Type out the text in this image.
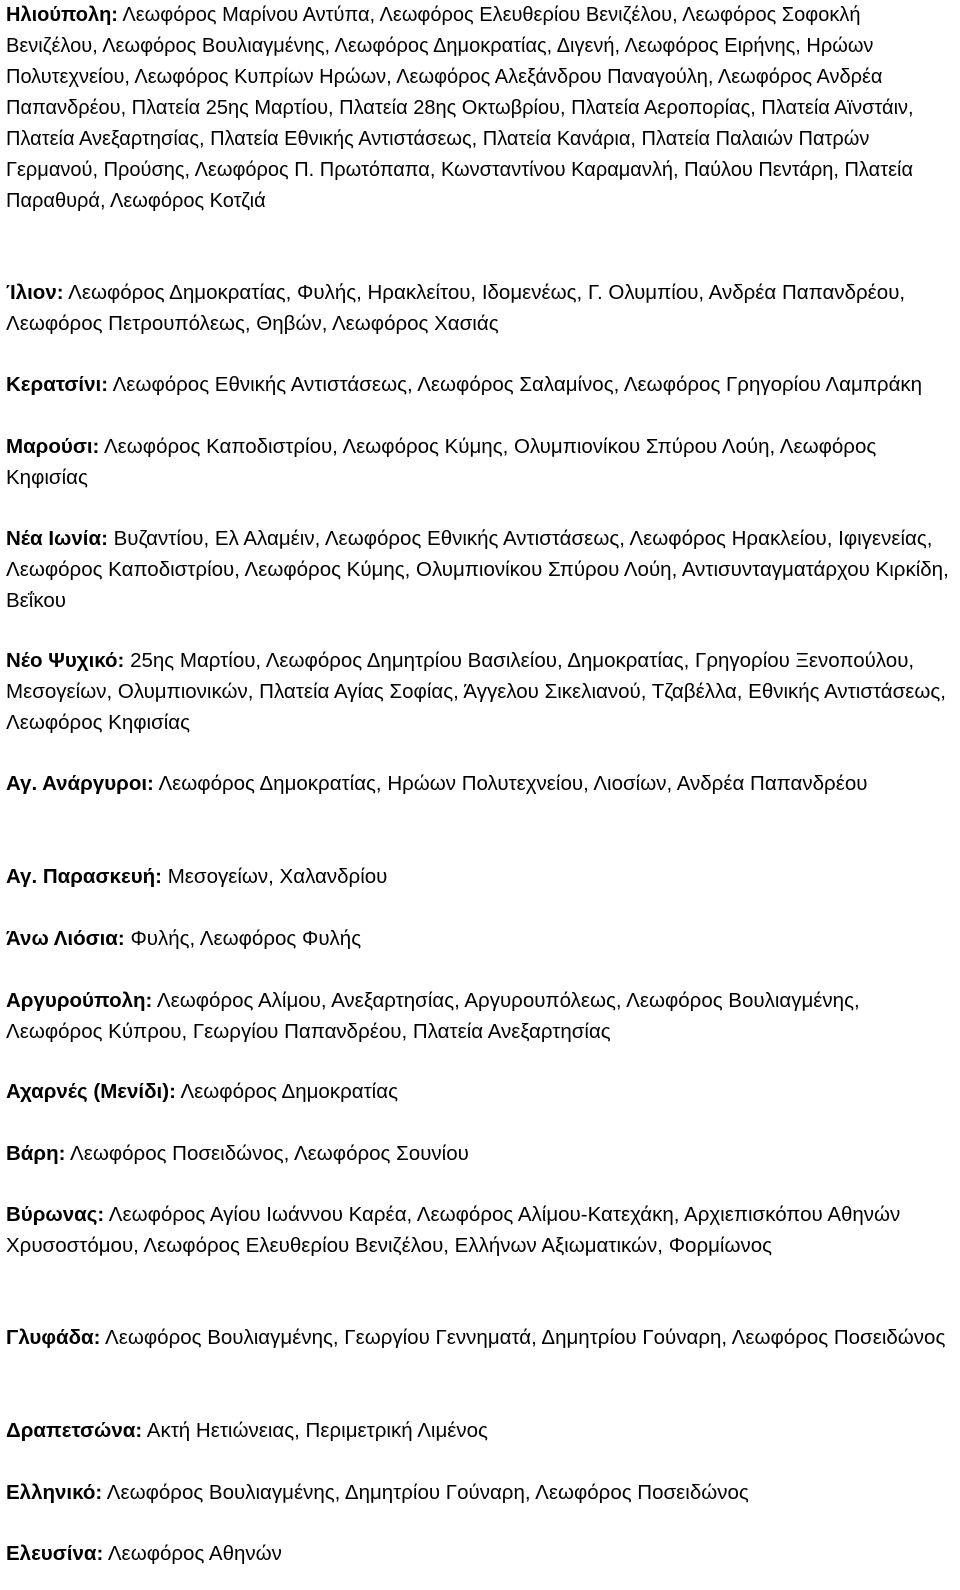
Ηλιούπολη: Λεωφόρος Μαρίνου Αντύπα, Λεωφόρος Ελευθερίου Βενιζέλου, Λεωφόρος Σοφοκλή Βενιζέλου, Λεωφόρος Βουλιαγμένης, Λεωφόρος Δημοκρατίας, Διγενή, Λεωφόρος Ειρήνης, Ηρώων Πολυτεχνείου, Λεωφόρος Κυπρίων Ηρώων, Λεωφόρος Αλεξάνδρου Παναγούλη, Λεωφόρος Ανδρέα Παπανδρέου, Πλατεία 25ης Μαρτίου, Πλατεία 28ης Οκτωβρίου, Πλατεία Αεροπορίας, Πλατεία Αϊνστάιν, Πλατεία Ανεξαρτησίας, Πλατεία Εθνικής Αντιστάσεως, Πλατεία Κανάρια, Πλατεία Παλαιών Πατρών Γερμανού, Προύσης, Λεωφόρος Π. Πρωτόπαπα, Κωνσταντίνου Καραμανλή, Παύλου Πεντάρη, Πλατεία Παραθυρά, Λεωφόρος Κοτζιά

Ίλιον: Λεωφόρος Δημοκρατίας, Φυλής, Ηρακλείτου, Ιδομενέως, Γ. Ολυμπίου, Ανδρέα Παπανδρέου, Λεωφόρος Πετρουπόλεως, Θηβών, Λεωφόρος Χασιάς

Κερατσίνι: Λεωφόρος Εθνικής Αντιστάσεως, Λεωφόρος Σαλαμίνος, Λεωφόρος Γρηγορίου Λαμπράκη

Μαρούσι: Λεωφόρος Καποδιστρίου, Λεωφόρος Κύμης, Ολυμπιονίκου Σπύρου Λούη, Λεωφόρος Κηφισίας

Νέα Ιωνία: Βυζαντίου, Ελ Αλαμέιν, Λεωφόρος Εθνικής Αντιστάσεως, Λεωφόρος Ηρακλείου, Ιφιγενείας, Λεωφόρος Καποδιστρίου, Λεωφόρος Κύμης, Ολυμπιονίκου Σπύρου Λούη, Αντισυνταγματάρχου Κιρκίδη, Βεΐκου

Νέο Ψυχικό: 25ης Μαρτίου, Λεωφόρος Δημητρίου Βασιλείου, Δημοκρατίας, Γρηγορίου Ξενοπούλου, Μεσογείων, Ολυμπιονικών, Πλατεία Αγίας Σοφίας, Άγγελου Σικελιανού, Τζαβέλλα, Εθνικής Αντιστάσεως, Λεωφόρος Κηφισίας

Αγ. Ανάργυροι: Λεωφόρος Δημοκρατίας, Ηρώων Πολυτεχνείου, Λιοσίων, Ανδρέα Παπανδρέου

Αγ. Παρασκευή: Μεσογείων, Χαλανδρίου

Άνω Λιόσια: Φυλής, Λεωφόρος Φυλής

Αργυρούπολη: Λεωφόρος Αλίμου, Ανεξαρτησίας, Αργυρουπόλεως, Λεωφόρος Βουλιαγμένης, Λεωφόρος Κύπρου, Γεωργίου Παπανδρέου, Πλατεία Ανεξαρτησίας

Αχαρνές (Μενίδι): Λεωφόρος Δημοκρατίας

Βάρη: Λεωφόρος Ποσειδώνος, Λεωφόρος Σουνίου

Βύρωνας: Λεωφόρος Αγίου Ιωάννου Καρέα, Λεωφόρος Αλίμου-Κατεχάκη, Αρχιεπισκόπου Αθηνών Χρυσοστόμου, Λεωφόρος Ελευθερίου Βενιζέλου, Ελλήνων Αξιωματικών, Φορμίωνος

Γλυφάδα: Λεωφόρος Βουλιαγμένης, Γεωργίου Γεννηματά, Δημητρίου Γούναρη, Λεωφόρος Ποσειδώνος

Δραπετσώνα: Ακτή Ηετιώνειας, Περιμετρική Λιμένος

Ελληνικό: Λεωφόρος Βουλιαγμένης, Δημητρίου Γούναρη, Λεωφόρος Ποσειδώνος

Ελευσίνα: Λεωφόρος Αθηνών
